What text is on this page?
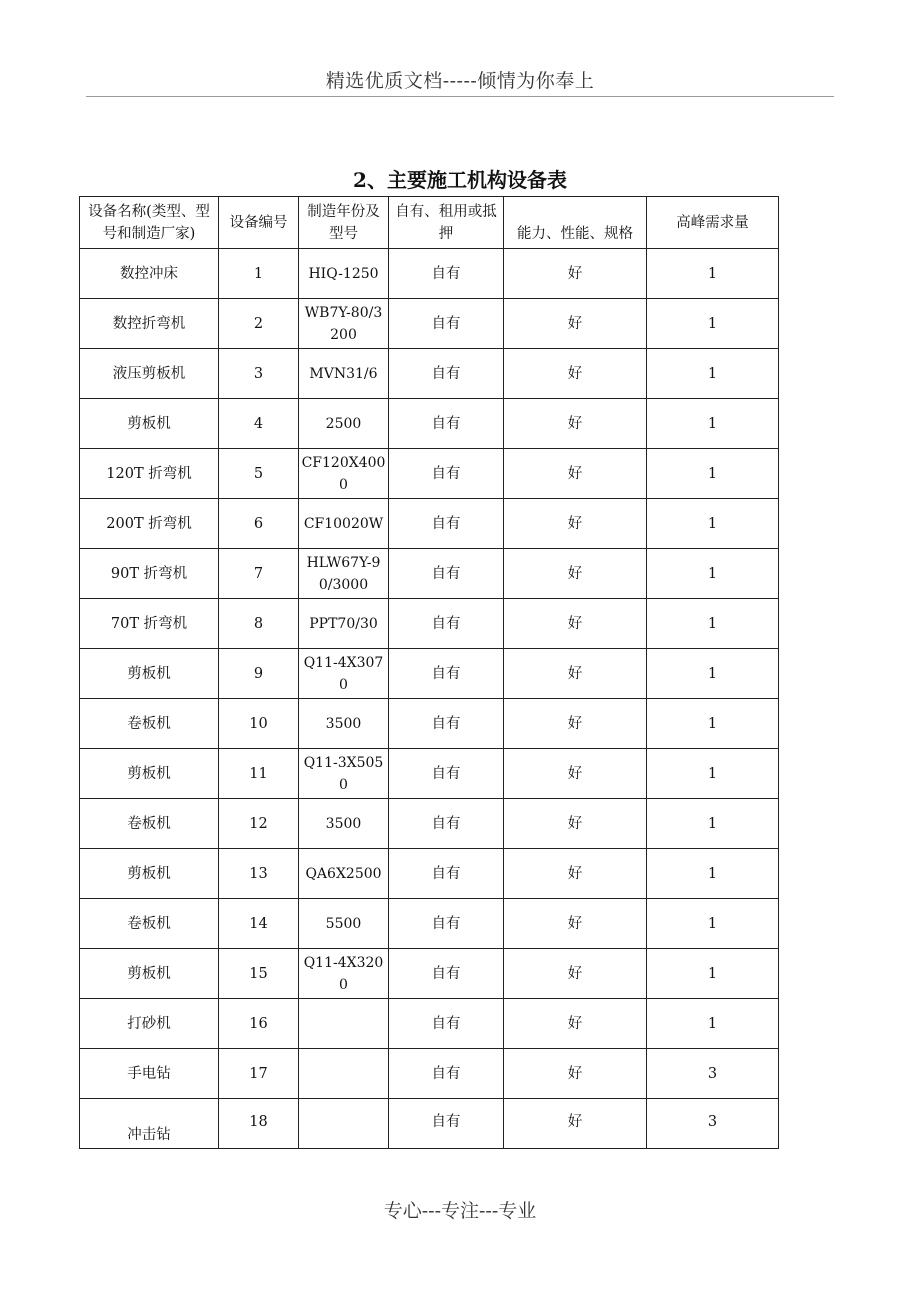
精选优质文档-----倾情为你奉上
2、主要施工机构设备表
设备名称(类型、型号和制造厂家)	设备编号	制造年份及型号	自有、租用或抵押	能力、性能、规格	高峰需求量
数控冲床	1	HIQ-1250	自有	好	1
数控折弯机	2	WB7Y-80/3200	自有	好	1
液压剪板机	3	MVN31/6	自有	好	1
剪板机	4	2500	自有	好	1
120T 折弯机	5	CF120X4000	自有	好	1
200T 折弯机	6	CF10020W	自有	好	1
90T 折弯机	7	HLW67Y-90/3000	自有	好	1
70T 折弯机	8	PPT70/30	自有	好	1
剪板机	9	Q11-4X3070	自有	好	1
卷板机	10	3500	自有	好	1
剪板机	11	Q11-3X5050	自有	好	1
卷板机	12	3500	自有	好	1
剪板机	13	QA6X2500	自有	好	1
卷板机	14	5500	自有	好	1
剪板机	15	Q11-4X3200	自有	好	1
打砂机	16		自有	好	1
手电钻	17		自有	好	3
冲击钻	18		自有	好	3
专心---专注---专业
